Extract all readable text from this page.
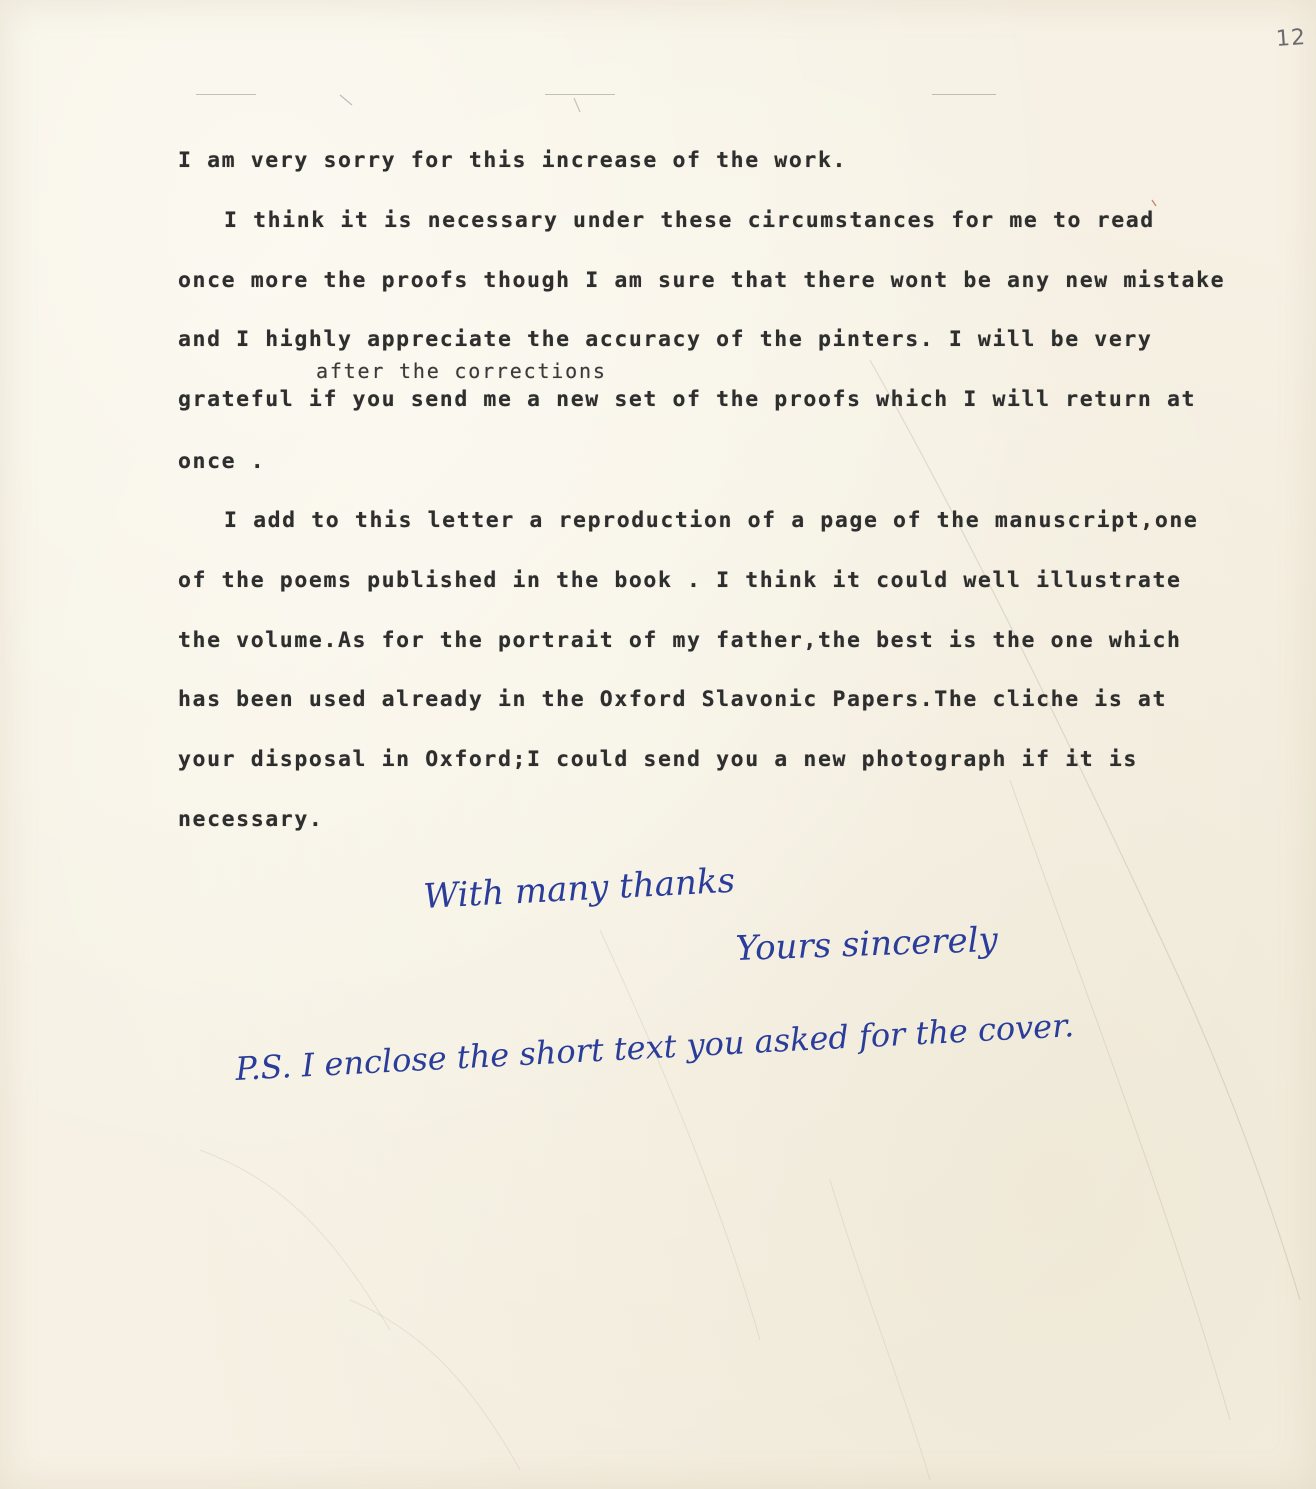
12
I am very sorry for this increase of the work.
I think it is necessary under these circumstances for me to read
once more the proofs though I am sure that there wont be any new mistake
and I highly appreciate the accuracy of the pinters. I will be very
after the corrections
grateful if you send me a new set of the proofs which I will return at
once .
I add to this letter a reproduction of a page of the manuscript,one
of the poems published in the book . I think it could well illustrate
the volume.As for the portrait of my father,the best is the one which
has been used already in the Oxford Slavonic Papers.The cliche is at
your disposal in Oxford;I could send you a new photograph if it is
necessary.
With many thanks
Yours sincerely
P.S. I enclose the short text you asked for the cover.
